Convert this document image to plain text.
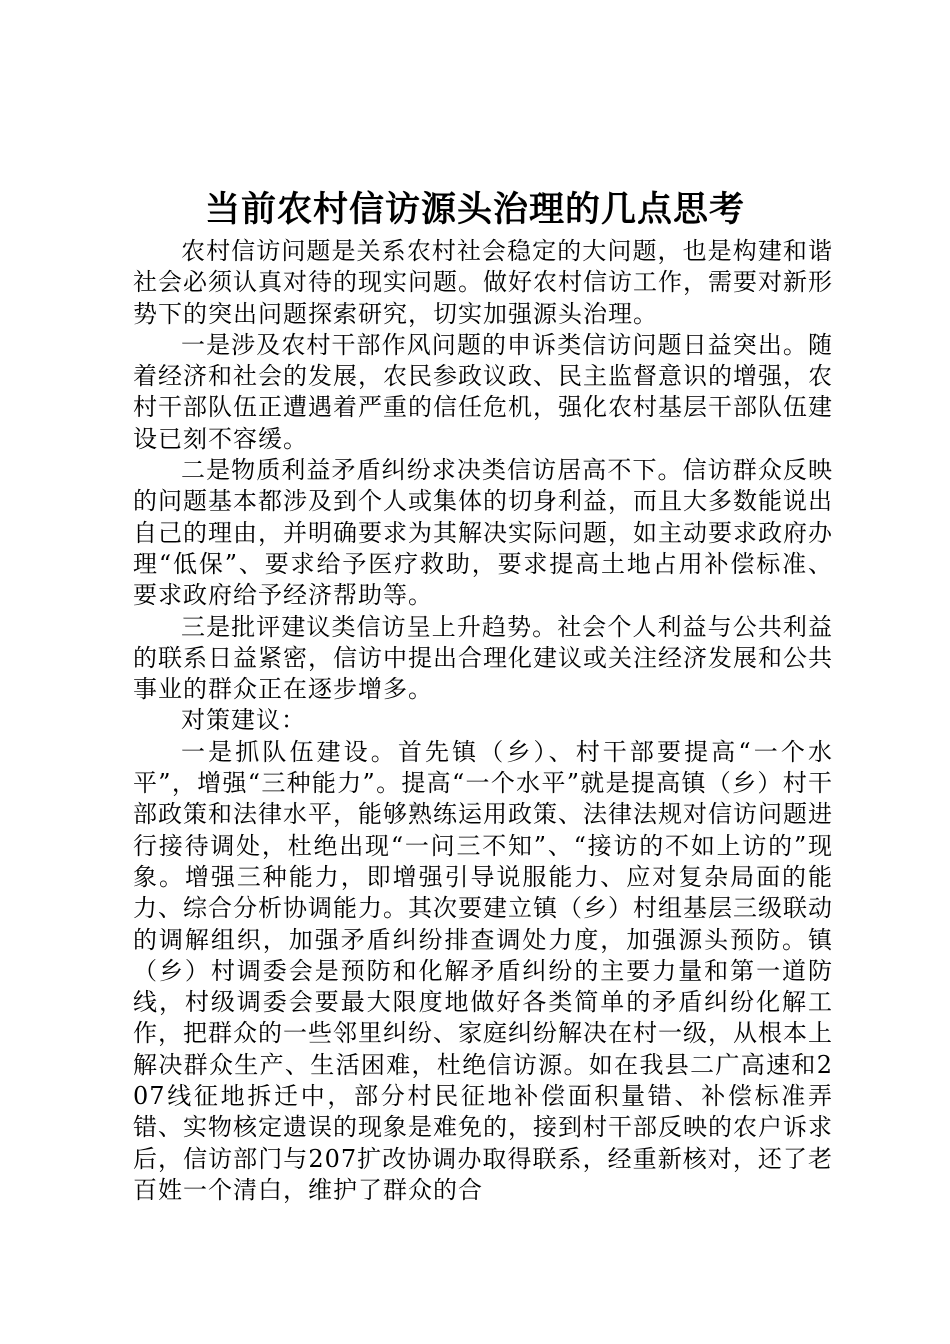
当前农村信访源头治理的几点思考

农村信访问题是关系农村社会稳定的大问题，也是构建和谐社会必须认真对待的现实问题。做好农村信访工作，需要对新形势下的突出问题探索研究，切实加强源头治理。

一是涉及农村干部作风问题的申诉类信访问题日益突出。随着经济和社会的发展，农民参政议政、民主监督意识的增强，农村干部队伍正遭遇着严重的信任危机，强化农村基层干部队伍建设已刻不容缓。

二是物质利益矛盾纠纷求决类信访居高不下。信访群众反映的问题基本都涉及到个人或集体的切身利益，而且大多数能说出自己的理由，并明确要求为其解决实际问题，如主动要求政府办理“低保”、要求给予医疗救助，要求提高土地占用补偿标准、要求政府给予经济帮助等。

三是批评建议类信访呈上升趋势。社会个人利益与公共利益的联系日益紧密，信访中提出合理化建议或关注经济发展和公共事业的群众正在逐步增多。

对策建议：

一是抓队伍建设。首先镇（乡）、村干部要提高“一个水平”，增强“三种能力”。提高“一个水平”就是提高镇（乡）村干部政策和法律水平，能够熟练运用政策、法律法规对信访问题进行接待调处，杜绝出现“一问三不知”、“接访的不如上访的”现象。增强三种能力，即增强引导说服能力、应对复杂局面的能力、综合分析协调能力。其次要建立镇（乡）村组基层三级联动的调解组织，加强矛盾纠纷排查调处力度，加强源头预防。镇（乡）村调委会是预防和化解矛盾纠纷的主要力量和第一道防线，村级调委会要最大限度地做好各类简单的矛盾纠纷化解工作，把群众的一些邻里纠纷、家庭纠纷解决在村一级，从根本上解决群众生产、生活困难，杜绝信访源。如在我县二广高速和207线征地拆迁中，部分村民征地补偿面积量错、补偿标准弄错、实物核定遗误的现象是难免的，接到村干部反映的农户诉求后，信访部门与207扩改协调办取得联系，经重新核对，还了老百姓一个清白，维护了群众的合
